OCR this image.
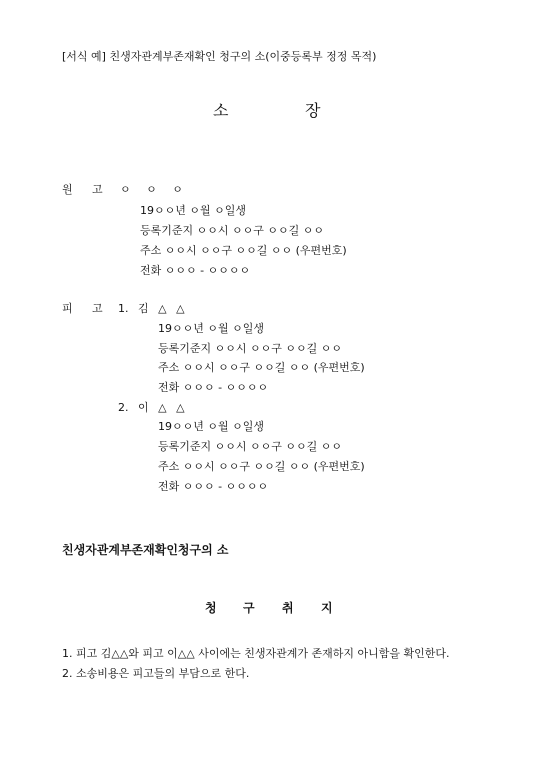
[서식 예] 친생자관계부존재확인 청구의 소(이중등록부 정정 목적)
소	장
원 고 ㅇ ㅇ ㅇ
19ㅇㅇ년 ㅇ월 ㅇ일생
등록기준지 ㅇㅇ시 ㅇㅇ구 ㅇㅇ길 ㅇㅇ
주소 ㅇㅇ시 ㅇㅇ구 ㅇㅇ길 ㅇㅇ (우편번호)
전화 ㅇㅇㅇ - ㅇㅇㅇㅇ
피 고 1. 김 △ △
19ㅇㅇ년 ㅇ월 ㅇ일생
등록기준지 ㅇㅇ시 ㅇㅇ구 ㅇㅇ길 ㅇㅇ
주소 ㅇㅇ시 ㅇㅇ구 ㅇㅇ길 ㅇㅇ (우편번호)
전화 ㅇㅇㅇ - ㅇㅇㅇㅇ
2. 이 △ △
19ㅇㅇ년 ㅇ월 ㅇ일생
등록기준지 ㅇㅇ시 ㅇㅇ구 ㅇㅇ길 ㅇㅇ
주소 ㅇㅇ시 ㅇㅇ구 ㅇㅇ길 ㅇㅇ (우편번호)
전화 ㅇㅇㅇ - ㅇㅇㅇㅇ
친생자관계부존재확인청구의 소
청 구 취 지
1. 피고 김△△와 피고 이△△ 사이에는 친생자관계가 존재하지 아니함을 확인한다.
2. 소송비용은 피고들의 부담으로 한다.
